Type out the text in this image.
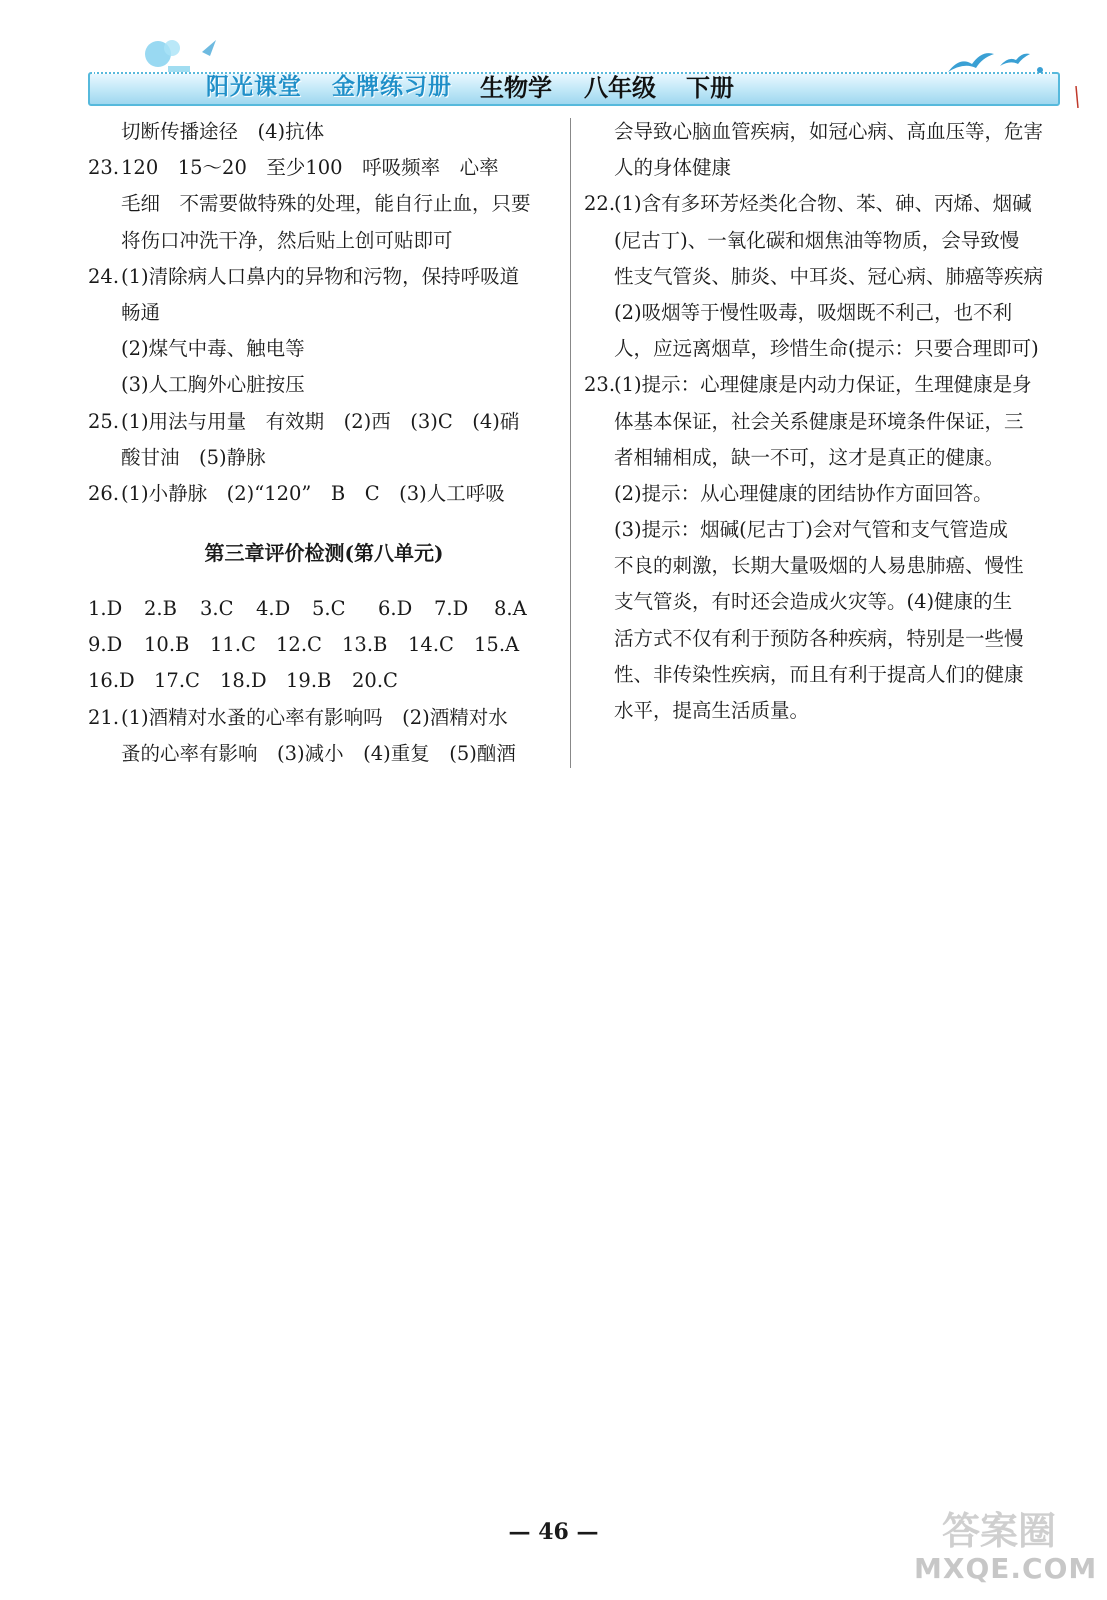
阳光课堂 金牌练习册 生物学 八年级 下册
切断传播途径　(4)抗体
23. 120　15～20　至少100　呼吸频率　心率
毛细　不需要做特殊的处理，能自行止血，只要
将伤口冲洗干净，然后贴上创可贴即可
24. (1)清除病人口鼻内的异物和污物，保持呼吸道
畅通
(2)煤气中毒、触电等
(3)人工胸外心脏按压
25. (1)用法与用量　有效期　(2)西　(3)C　(4)硝
酸甘油　(5)静脉
26. (1)小静脉　(2)“120”　B　C　(3)人工呼吸
第三章评价检测(第八单元)
1.D	2.B	3.C	4.D	5.C	6.D	7.D	8.A
9.D	10.B	11.C	12.C	13.B	14.C	15.A
16.D 17.C	18.D 19.B	20.C
21. (1)酒精对水蚤的心率有影响吗　(2)酒精对水
蚤的心率有影响　(3)减小　(4)重复　(5)酗酒
会导致心脑血管疾病，如冠心病、高血压等，危害
人的身体健康
22.
(1)含有多环芳烃类化合物、苯、砷、丙烯、烟碱
(尼古丁)、一氧化碳和烟焦油等物质，会导致慢
性支气管炎、肺炎、中耳炎、冠心病、肺癌等疾病
(2)吸烟等于慢性吸毒，吸烟既不利己，也不利
人，应远离烟草，珍惜生命(提示：只要合理即可)
23.
(1)提示：心理健康是内动力保证，生理健康是身
体基本保证，社会关系健康是环境条件保证，三
者相辅相成，缺一不可，这才是真正的健康。
(2)提示：从心理健康的团结协作方面回答。
(3)提示：烟碱(尼古丁)会对气管和支气管造成
不良的刺激，长期大量吸烟的人易患肺癌、慢性
支气管炎，有时还会造成火灾等。(4)健康的生
活方式不仅有利于预防各种疾病，特别是一些慢
性、非传染性疾病，而且有利于提高人们的健康
水平，提高生活质量。
— 46 —	答案圈
MXQE.COM
